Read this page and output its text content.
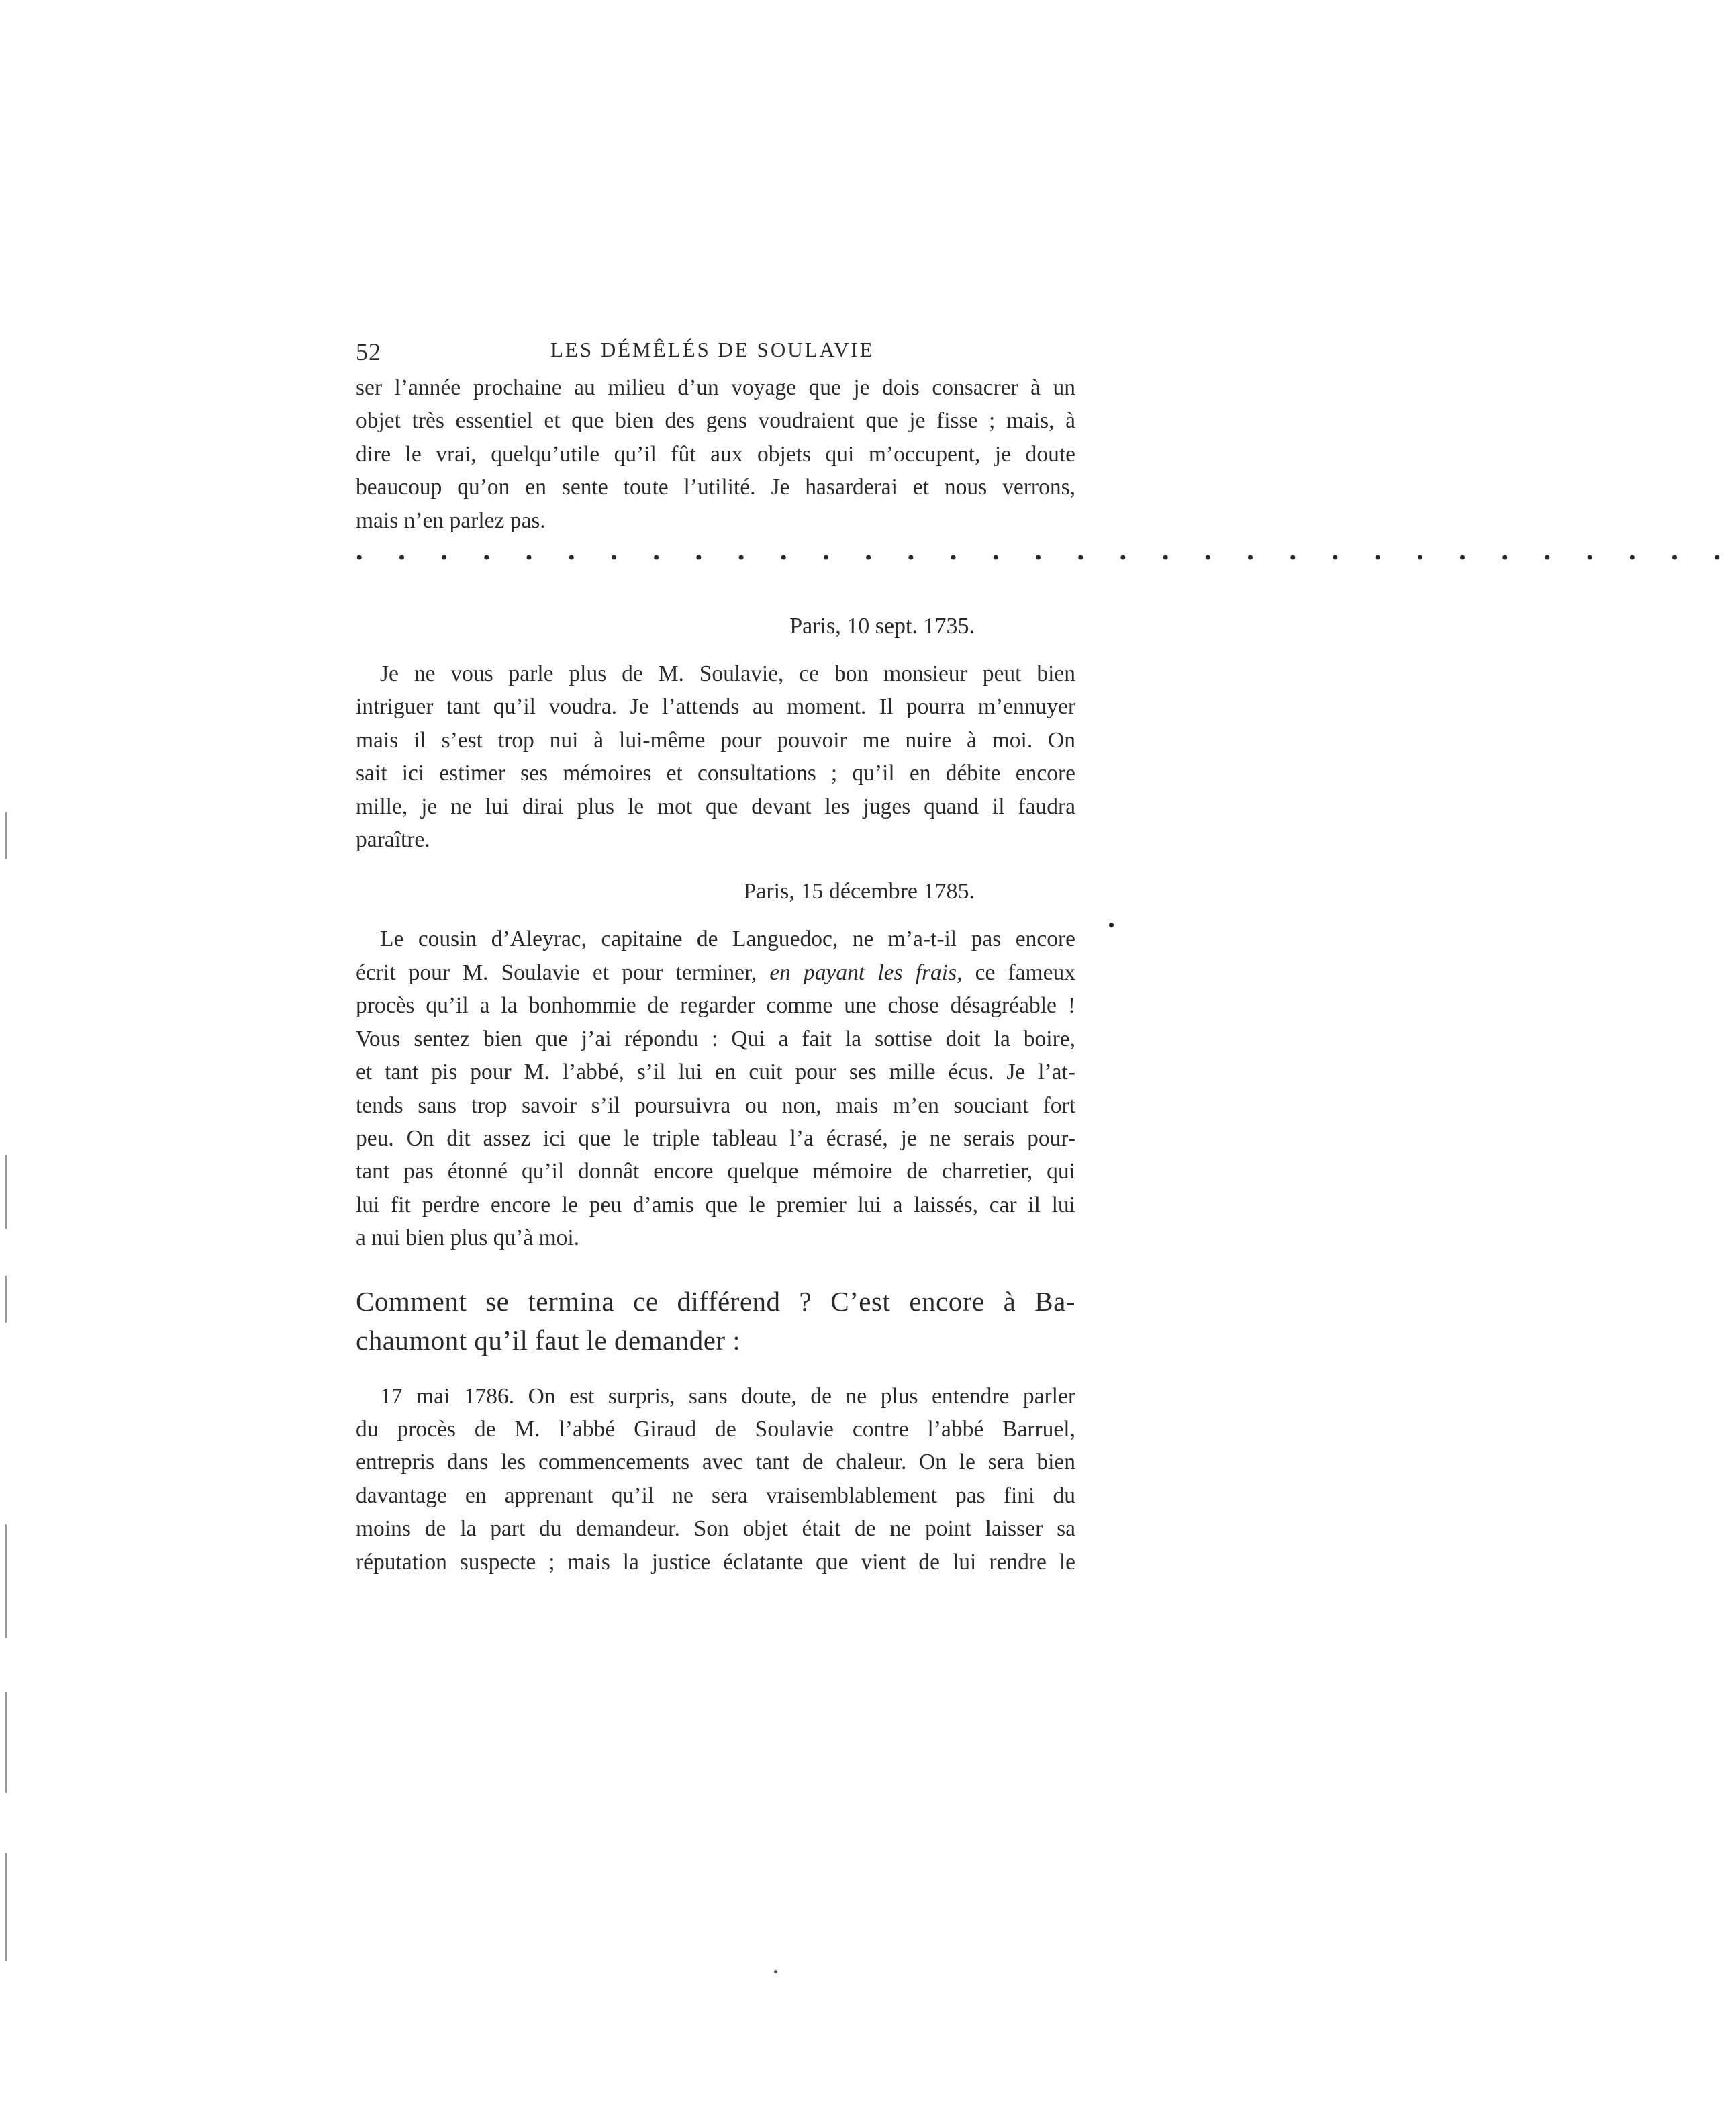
52	LES DÉMÊLÉS DE SOULAVIE
ser l’année prochaine au milieu d’un voyage que je dois consacrer à un
objet très essentiel et que bien des gens voudraient que je fisse ; mais, à
dire le vrai, quelqu’utile qu’il fût aux objets qui m’occupent, je doute
beaucoup qu’on en sente toute l’utilité. Je hasarderai et nous verrons,
mais n’en parlez pas.
• • • • • • • • • • • • • • • • • • • • • • • • • • • • • • • • •
Paris, 10 sept. 1735.
Je ne vous parle plus de M. Soulavie, ce bon monsieur peut bien
intriguer tant qu’il voudra. Je l’attends au moment. Il pourra m’ennuyer
mais il s’est trop nui à lui-même pour pouvoir me nuire à moi. On
sait ici estimer ses mémoires et consultations ; qu’il en débite encore
mille, je ne lui dirai plus le mot que devant les juges quand il faudra
paraître.
Paris, 15 décembre 1785.
Le cousin d’Aleyrac, capitaine de Languedoc, ne m’a-t-il pas encore
écrit pour M. Soulavie et pour terminer, en payant les frais, ce fameux
procès qu’il a la bonhommie de regarder comme une chose désagréable !
Vous sentez bien que j’ai répondu : Qui a fait la sottise doit la boire,
et tant pis pour M. l’abbé, s’il lui en cuit pour ses mille écus. Je l’at-
tends sans trop savoir s’il poursuivra ou non, mais m’en souciant fort
peu. On dit assez ici que le triple tableau l’a écrasé, je ne serais pour-
tant pas étonné qu’il donnât encore quelque mémoire de charretier, qui
lui fit perdre encore le peu d’amis que le premier lui a laissés, car il lui
a nui bien plus qu’à moi.
Comment se termina ce différend ? C’est encore à Ba-
chaumont qu’il faut le demander :
17 mai 1786. On est surpris, sans doute, de ne plus entendre parler
du procès de M. l’abbé Giraud de Soulavie contre l’abbé Barruel,
entrepris dans les commencements avec tant de chaleur. On le sera bien
davantage en apprenant qu’il ne sera vraisemblablement pas fini du
moins de la part du demandeur. Son objet était de ne point laisser sa
réputation suspecte ; mais la justice éclatante que vient de lui rendre le
